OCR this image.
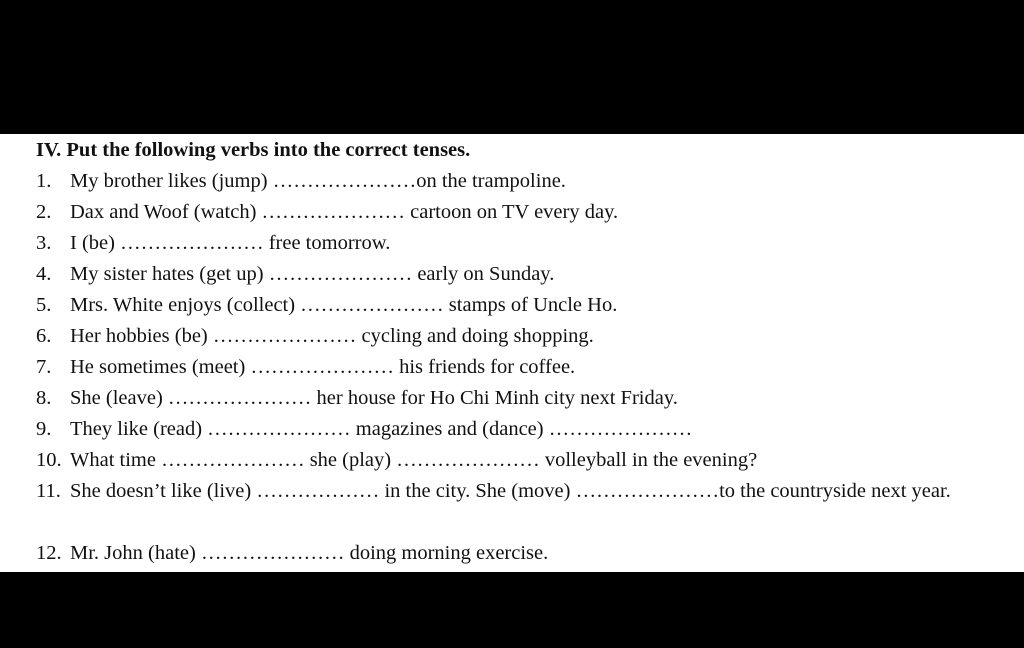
IV. Put the following verbs into the correct tenses.
1. My brother likes (jump) …………………on the trampoline.
2. Dax and Woof (watch) ………………… cartoon on TV every day.
3. I (be) ………………… free tomorrow.
4. My sister hates (get up) ………………… early on Sunday.
5. Mrs. White enjoys (collect) ………………… stamps of Uncle Ho.
6. Her hobbies (be) ………………… cycling and doing shopping.
7. He sometimes (meet) ………………… his friends for coffee.
8. She (leave) ………………… her house for Ho Chi Minh city next Friday.
9. They like (read) ………………… magazines and (dance) …………………
10. What time ………………… she (play) ………………… volleyball in the evening?
11. She doesn’t like (live) ……………… in the city. She (move) …………………to the countryside next year.
12. Mr. John (hate) ………………… doing morning exercise.
